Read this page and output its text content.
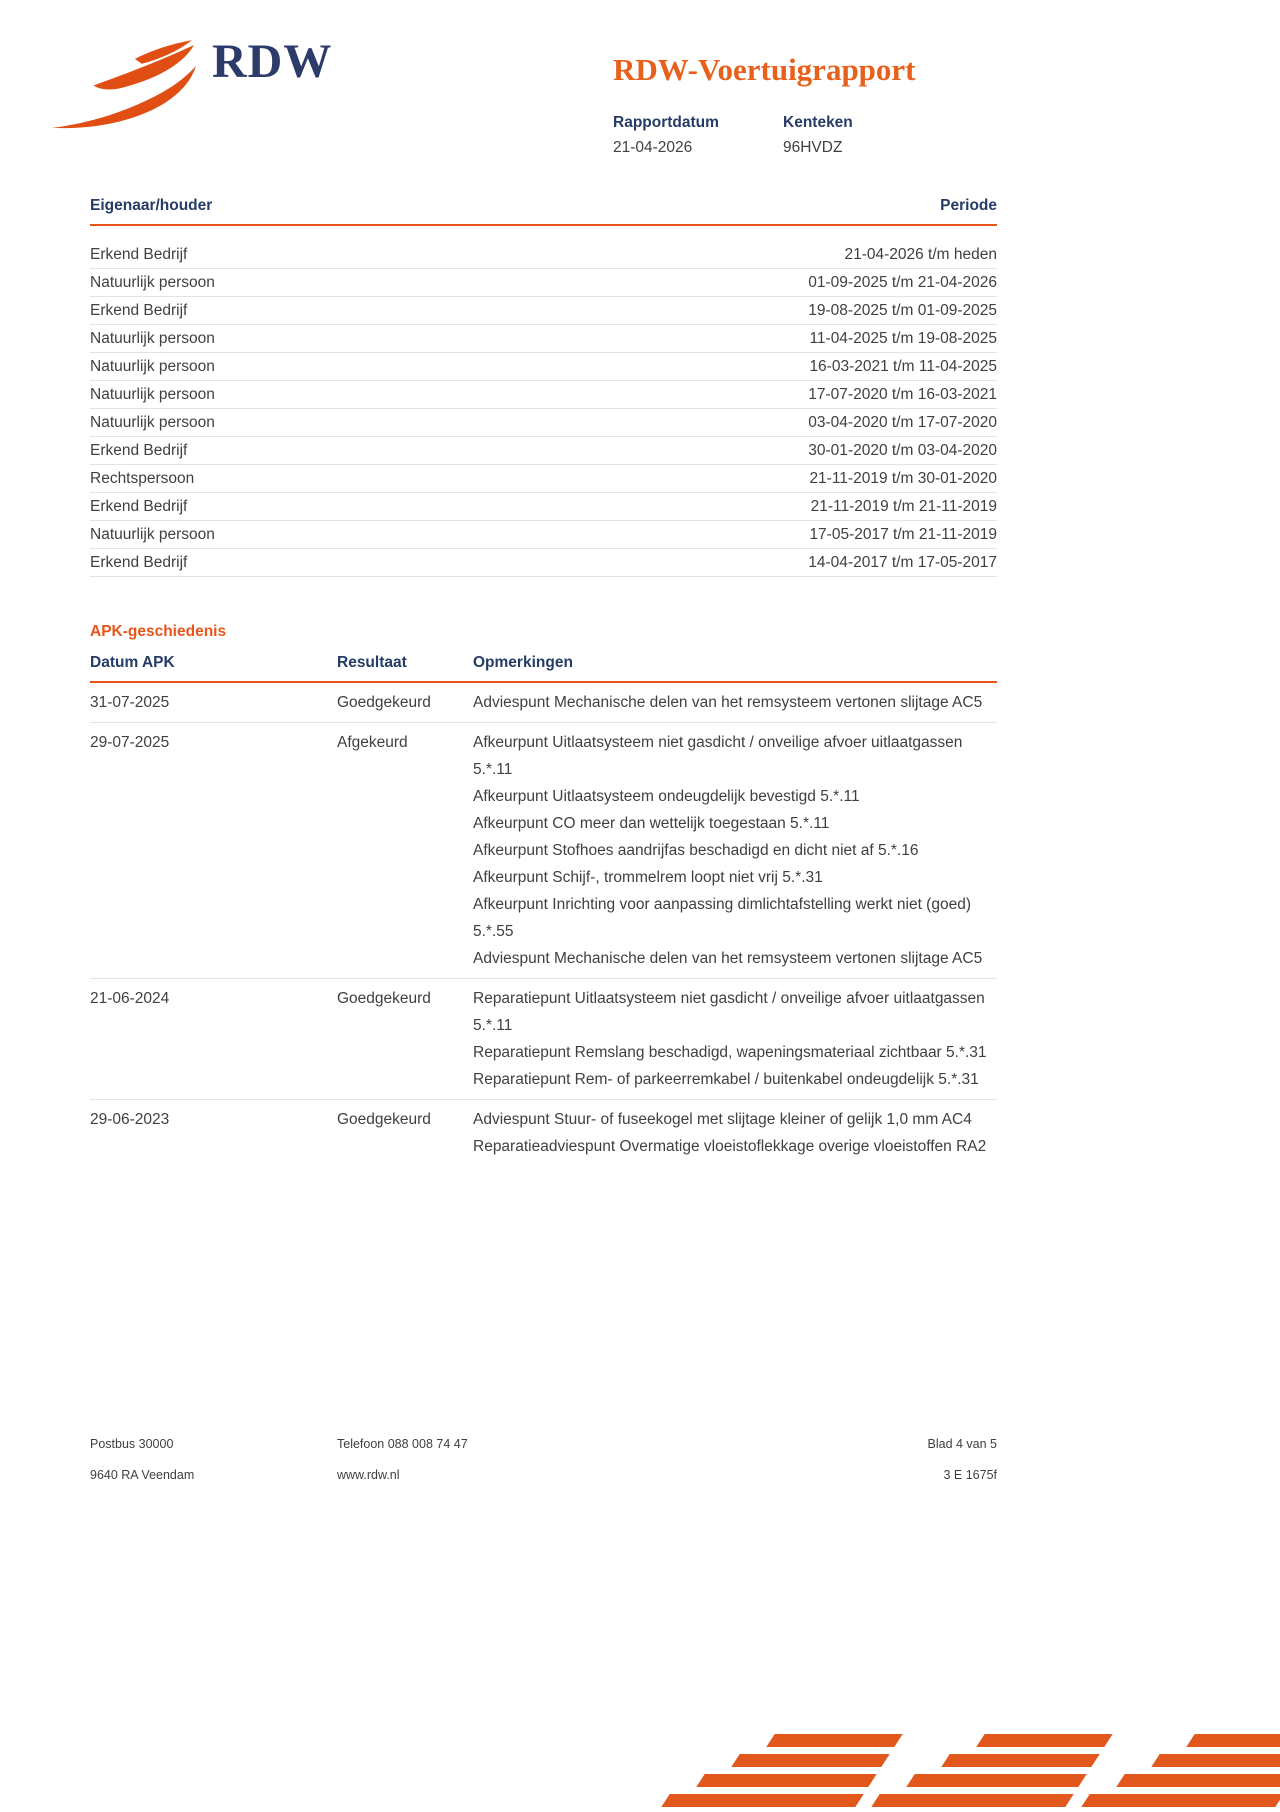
RDW	RDW-Voertuigrapport
Rapportdatum
21-04-2026
Kenteken
96HVDZ
Eigenaar/houder	Periode
Erkend Bedrijf	21-04-2026 t/m heden
Natuurlijk persoon	01-09-2025 t/m 21-04-2026
Erkend Bedrijf	19-08-2025 t/m 01-09-2025
Natuurlijk persoon	11-04-2025 t/m 19-08-2025
Natuurlijk persoon	16-03-2021 t/m 11-04-2025
Natuurlijk persoon	17-07-2020 t/m 16-03-2021
Natuurlijk persoon	03-04-2020 t/m 17-07-2020
Erkend Bedrijf	30-01-2020 t/m 03-04-2020
Rechtspersoon	21-11-2019 t/m 30-01-2020
Erkend Bedrijf	21-11-2019 t/m 21-11-2019
Natuurlijk persoon	17-05-2017 t/m 21-11-2019
Erkend Bedrijf	14-04-2017 t/m 17-05-2017
APK-geschiedenis
Datum APK	Resultaat	Opmerkingen
31-07-2025	Goedgekeurd	Adviespunt Mechanische delen van het remsysteem vertonen slijtage AC5

29-07-2025	Afgekeurd	Afkeurpunt Uitlaatsysteem niet gasdicht / onveilige afvoer uitlaatgassen 5.*.11

Afkeurpunt Uitlaatsysteem ondeugdelijk bevestigd 5.*.11

Afkeurpunt CO meer dan wettelijk toegestaan 5.*.11

Afkeurpunt Stofhoes aandrijfas beschadigd en dicht niet af 5.*.16

Afkeurpunt Schijf-, trommelrem loopt niet vrij 5.*.31

Afkeurpunt Inrichting voor aanpassing dimlichtafstelling werkt niet (goed) 5.*.55

Adviespunt Mechanische delen van het remsysteem vertonen slijtage AC5

21-06-2024	Goedgekeurd	Reparatiepunt Uitlaatsysteem niet gasdicht / onveilige afvoer uitlaatgassen 5.*.11

Reparatiepunt Remslang beschadigd, wapeningsmateriaal zichtbaar 5.*.31

Reparatiepunt Rem- of parkeerremkabel / buitenkabel ondeugdelijk 5.*.31

29-06-2023	Goedgekeurd	Adviespunt Stuur- of fuseekogel met slijtage kleiner of gelijk 1,0 mm AC4

Reparatieadviespunt Overmatige vloeistoflekkage overige vloeistoffen RA2

Postbus 30000
9640 RA Veendam
Telefoon 088 008 74 47
www.rdw.nl
Blad 4 van 5
3 E 1675f
